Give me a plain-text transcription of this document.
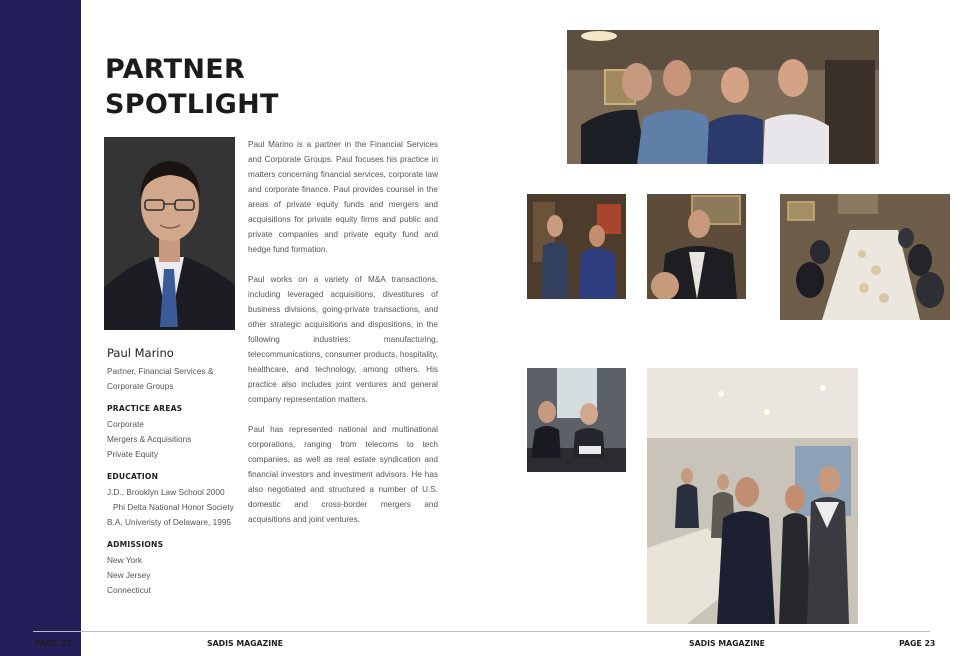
PARTNER
SPOTLIGHT
Paul Marino
Partner, Financial Services &
Corporate Groups
PRACTICE AREAS
Corporate
Mergers & Acquisitions
Private Equity
EDUCATION
J.D., Brooklyn Law School 2000
Phi Delta National Honor Society
B.A, Univeristy of Delaware, 1995
ADMISSIONS
New York
New Jersey
Connecticut

Paul Marino is a partner in the Financial Services and Corporate Groups. Paul focuses his practice in matters concerning financial services, corporate law and corporate finance. Paul provides counsel in the areas of private equity funds and mergers and acquisitions for private equity firms and public and private companies and private equity fund and hedge fund formation.

Paul works on a variety of M&A transactions, including leveraged acquisitions, divestitures of business divisions, going-private transactions, and other strategic acquisitions and dispositions, in the following industries: manufacturing, telecommunications, consumer products, hospitality, healthcare, and technology, among others. His practice also includes joint ventures and general company representation matters.

Paul has represented national and multinational corporations, ranging from telecoms to tech companies, as well as real estate syndication and financial investors and investment advisors. He has also negotiated and structured a number of U.S. domestic and cross-border mergers and acquisitions and joint ventures.

PAGE 22	SADIS MAGAZINE	SADIS MAGAZINE	PAGE 23
